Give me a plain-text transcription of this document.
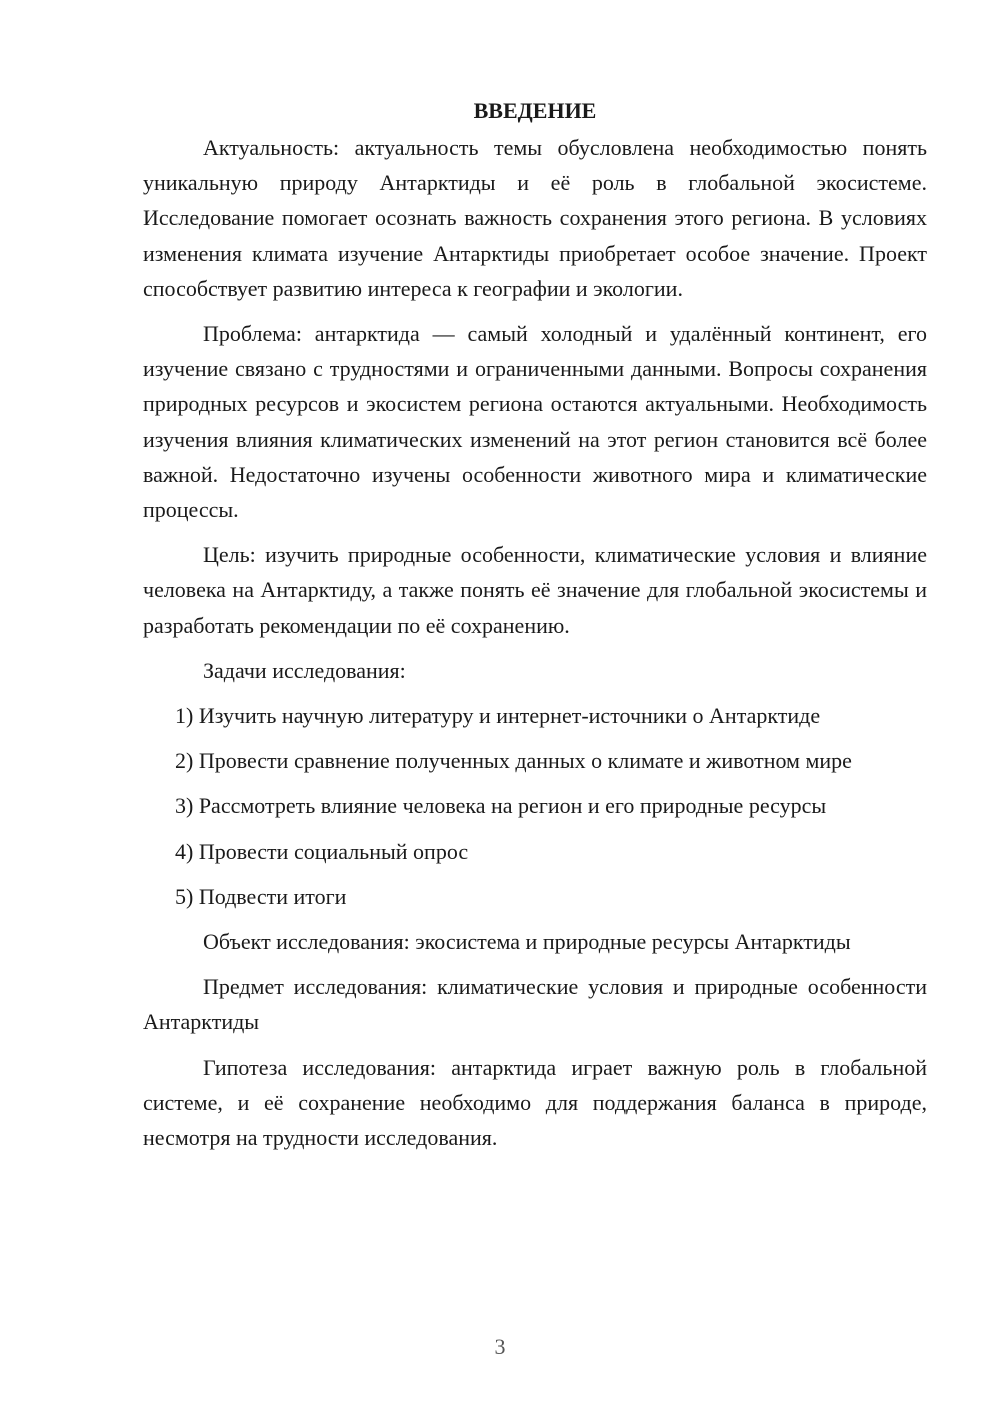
ВВЕДЕНИЕ

Актуальность: актуальность темы обусловлена необходимостью понять уникальную природу Антарктиды и её роль в глобальной экосистеме. Исследование помогает осознать важность сохранения этого региона. В условиях изменения климата изучение Антарктиды приобретает особое значение. Проект способствует развитию интереса к географии и экологии.

Проблема: антарктида — самый холодный и удалённый континент, его изучение связано с трудностями и ограниченными данными. Вопросы сохранения природных ресурсов и экосистем региона остаются актуальными. Необходимость изучения влияния климатических изменений на этот регион становится всё более важной. Недостаточно изучены особенности животного мира и климатические процессы.

Цель: изучить природные особенности, климатические условия и влияние человека на Антарктиду, а также понять её значение для глобальной экосистемы и разработать рекомендации по её сохранению.

Задачи исследования:

1) Изучить научную литературу и интернет-источники о Антарктиде

2) Провести сравнение полученных данных о климате и животном мире

3) Рассмотреть влияние человека на регион и его природные ресурсы

4) Провести социальный опрос

5) Подвести итоги

Объект исследования: экосистема и природные ресурсы Антарктиды

Предмет исследования: климатические условия и природные особенности Антарктиды

Гипотеза исследования: антарктида играет важную роль в глобальной системе, и её сохранение необходимо для поддержания баланса в природе, несмотря на трудности исследования.

3
